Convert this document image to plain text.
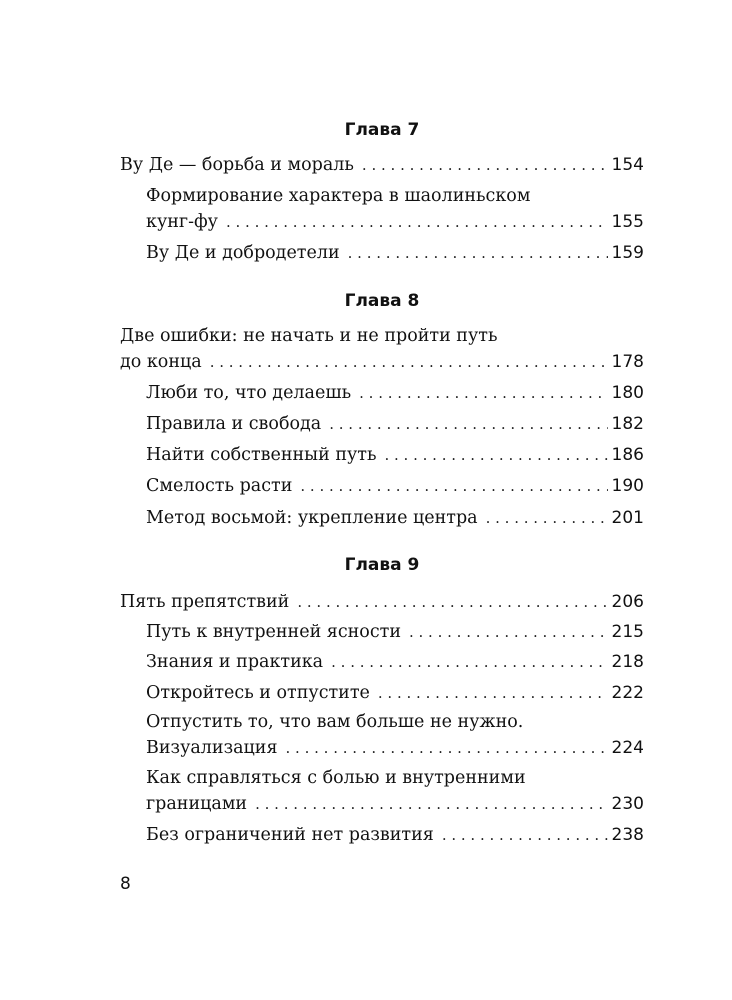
Глава 7
Ву Де — борьба и мораль . . .	154
Формирование характера в шаолиньском
кунг-фу . . .	155
Ву Де и добродетели . . .	159
Глава 8
Две ошибки: не начать и не пройти путь
до конца . . .	178
Люби то, что делаешь . . .	180
Правила и свобода . . .	182
Найти собственный путь . . .	186
Смелость расти . . .	190
Метод восьмой: укрепление центра . . .	201
Глава 9
Пять препятствий . . .	206
Путь к внутренней ясности . . .	215
Знания и практика . . .	218
Откройтесь и отпустите . . .	222
Отпустить то, что вам больше не нужно.
Визуализация . . .	224
Как справляться с болью и внутренними
границами . . .	230
Без ограничений нет развития . . .	238
8
